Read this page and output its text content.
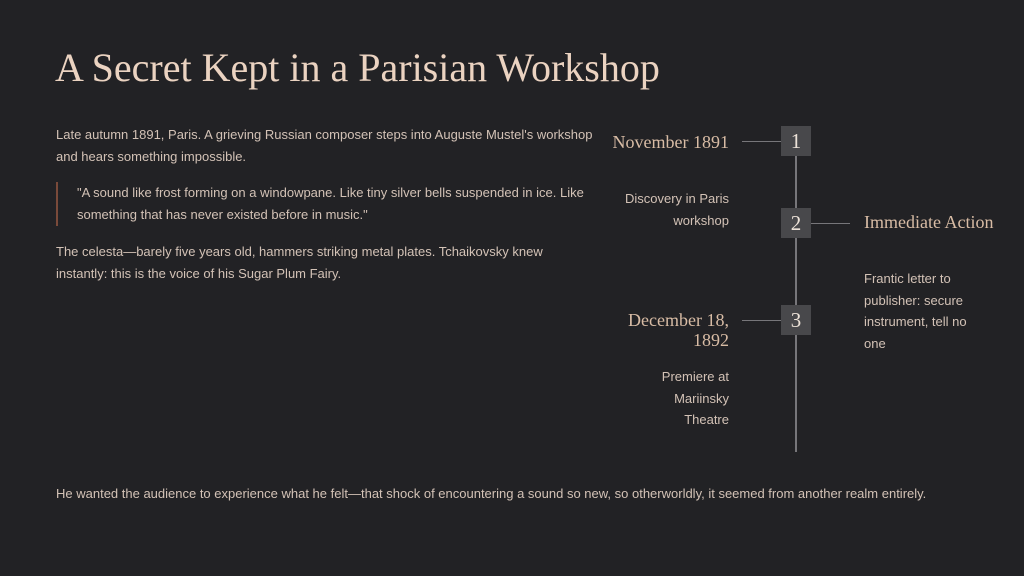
A Secret Kept in a Parisian Workshop

Late autumn 1891, Paris. A grieving Russian composer steps into Auguste Mustel's workshop and hears something impossible.

"A sound like frost forming on a windowpane. Like tiny silver bells suspended in ice. Like something that has never existed before in music."

The celesta—barely five years old, hammers striking metal plates. Tchaikovsky knew instantly: this is the voice of his Sugar Plum Fairy.

1
2
3
November 1891

Discovery in Paris workshop	Immediate Action

Frantic letter to publisher: secure instrument, tell no one

December 18, 1892

Premiere at Mariinsky Theatre

He wanted the audience to experience what he felt—that shock of encountering a sound so new, so otherworldly, it seemed from another realm entirely.
